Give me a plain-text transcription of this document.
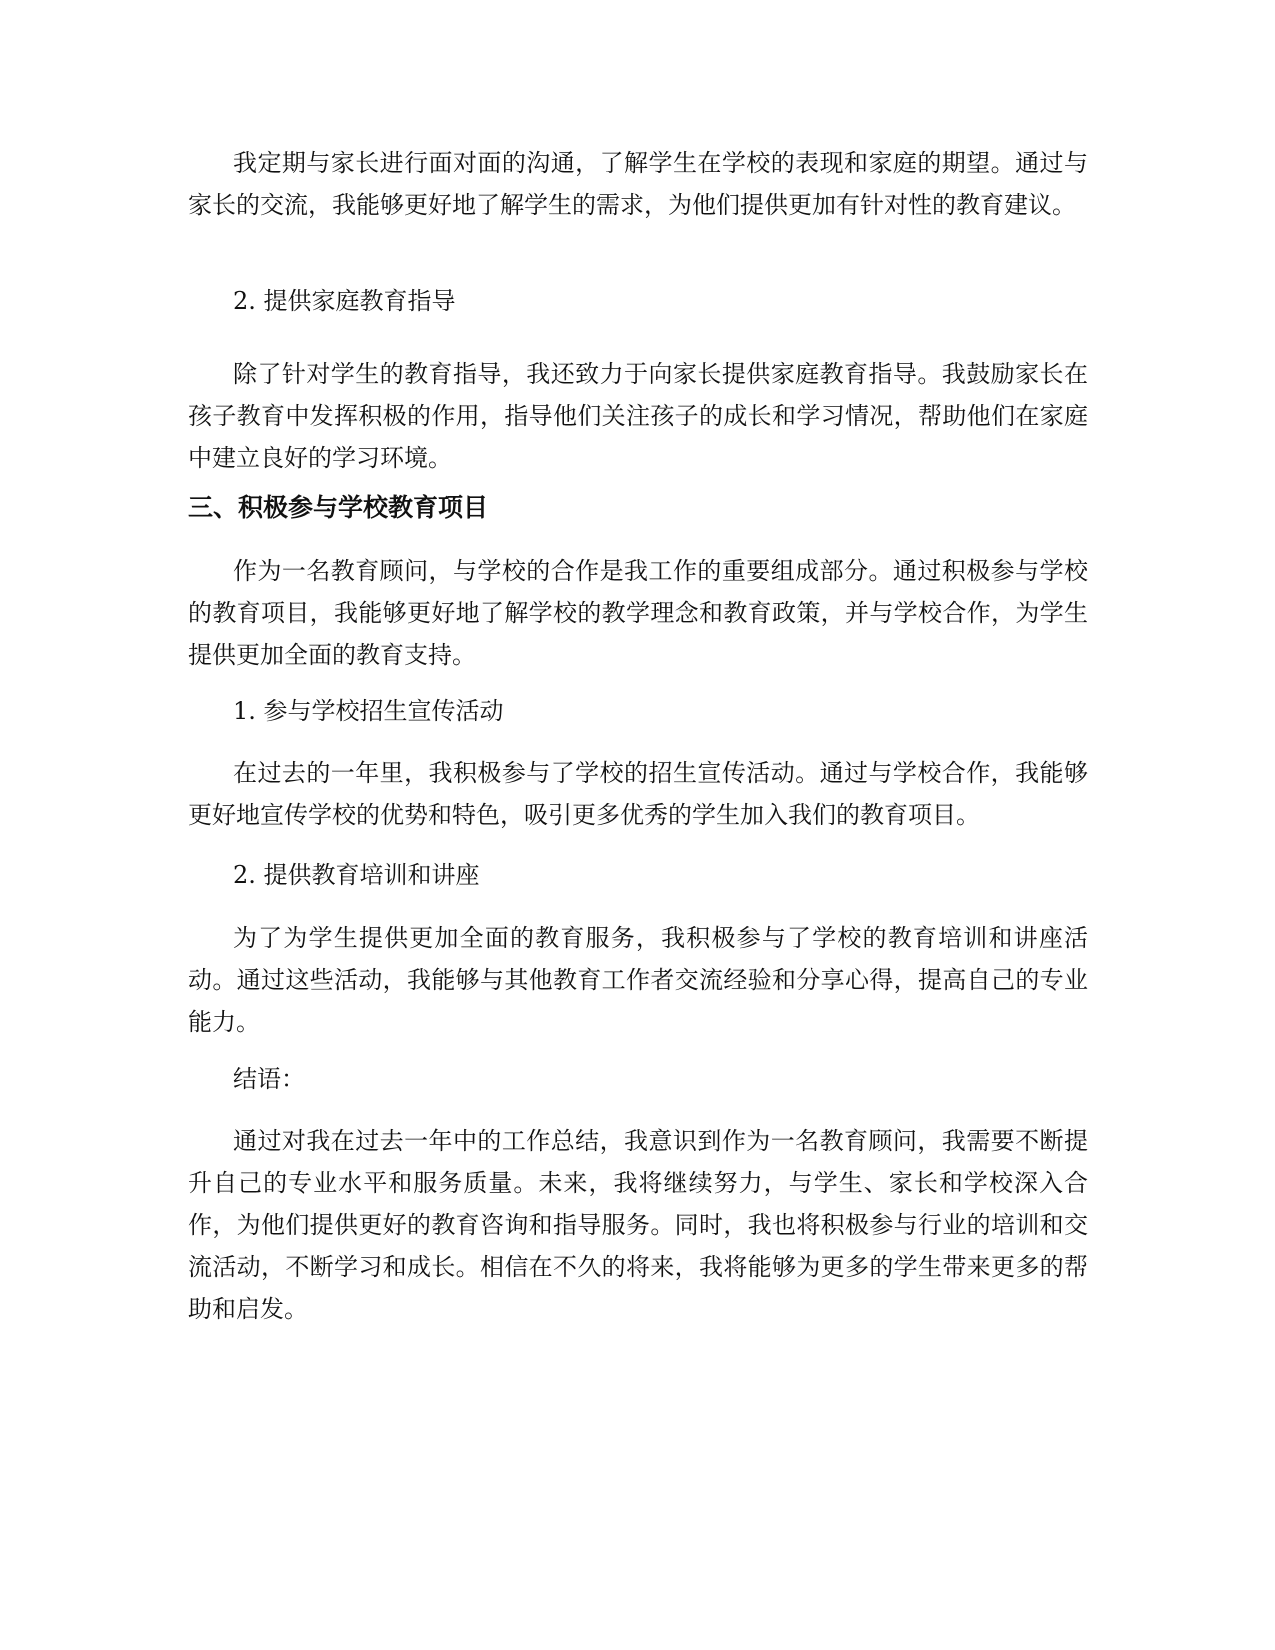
我定期与家长进行面对面的沟通，了解学生在学校的表现和家庭的期望。通过与家长的交流，我能够更好地了解学生的需求，为他们提供更加有针对性的教育建议。

2. 提供家庭教育指导

除了针对学生的教育指导，我还致力于向家长提供家庭教育指导。我鼓励家长在孩子教育中发挥积极的作用，指导他们关注孩子的成长和学习情况，帮助他们在家庭中建立良好的学习环境。

三、积极参与学校教育项目

作为一名教育顾问，与学校的合作是我工作的重要组成部分。通过积极参与学校的教育项目，我能够更好地了解学校的教学理念和教育政策，并与学校合作，为学生提供更加全面的教育支持。

1. 参与学校招生宣传活动

在过去的一年里，我积极参与了学校的招生宣传活动。通过与学校合作，我能够更好地宣传学校的优势和特色，吸引更多优秀的学生加入我们的教育项目。

2. 提供教育培训和讲座

为了为学生提供更加全面的教育服务，我积极参与了学校的教育培训和讲座活动。通过这些活动，我能够与其他教育工作者交流经验和分享心得，提高自己的专业能力。

结语：

通过对我在过去一年中的工作总结，我意识到作为一名教育顾问，我需要不断提升自己的专业水平和服务质量。未来，我将继续努力，与学生、家长和学校深入合作，为他们提供更好的教育咨询和指导服务。同时，我也将积极参与行业的培训和交流活动，不断学习和成长。相信在不久的将来，我将能够为更多的学生带来更多的帮助和启发。
